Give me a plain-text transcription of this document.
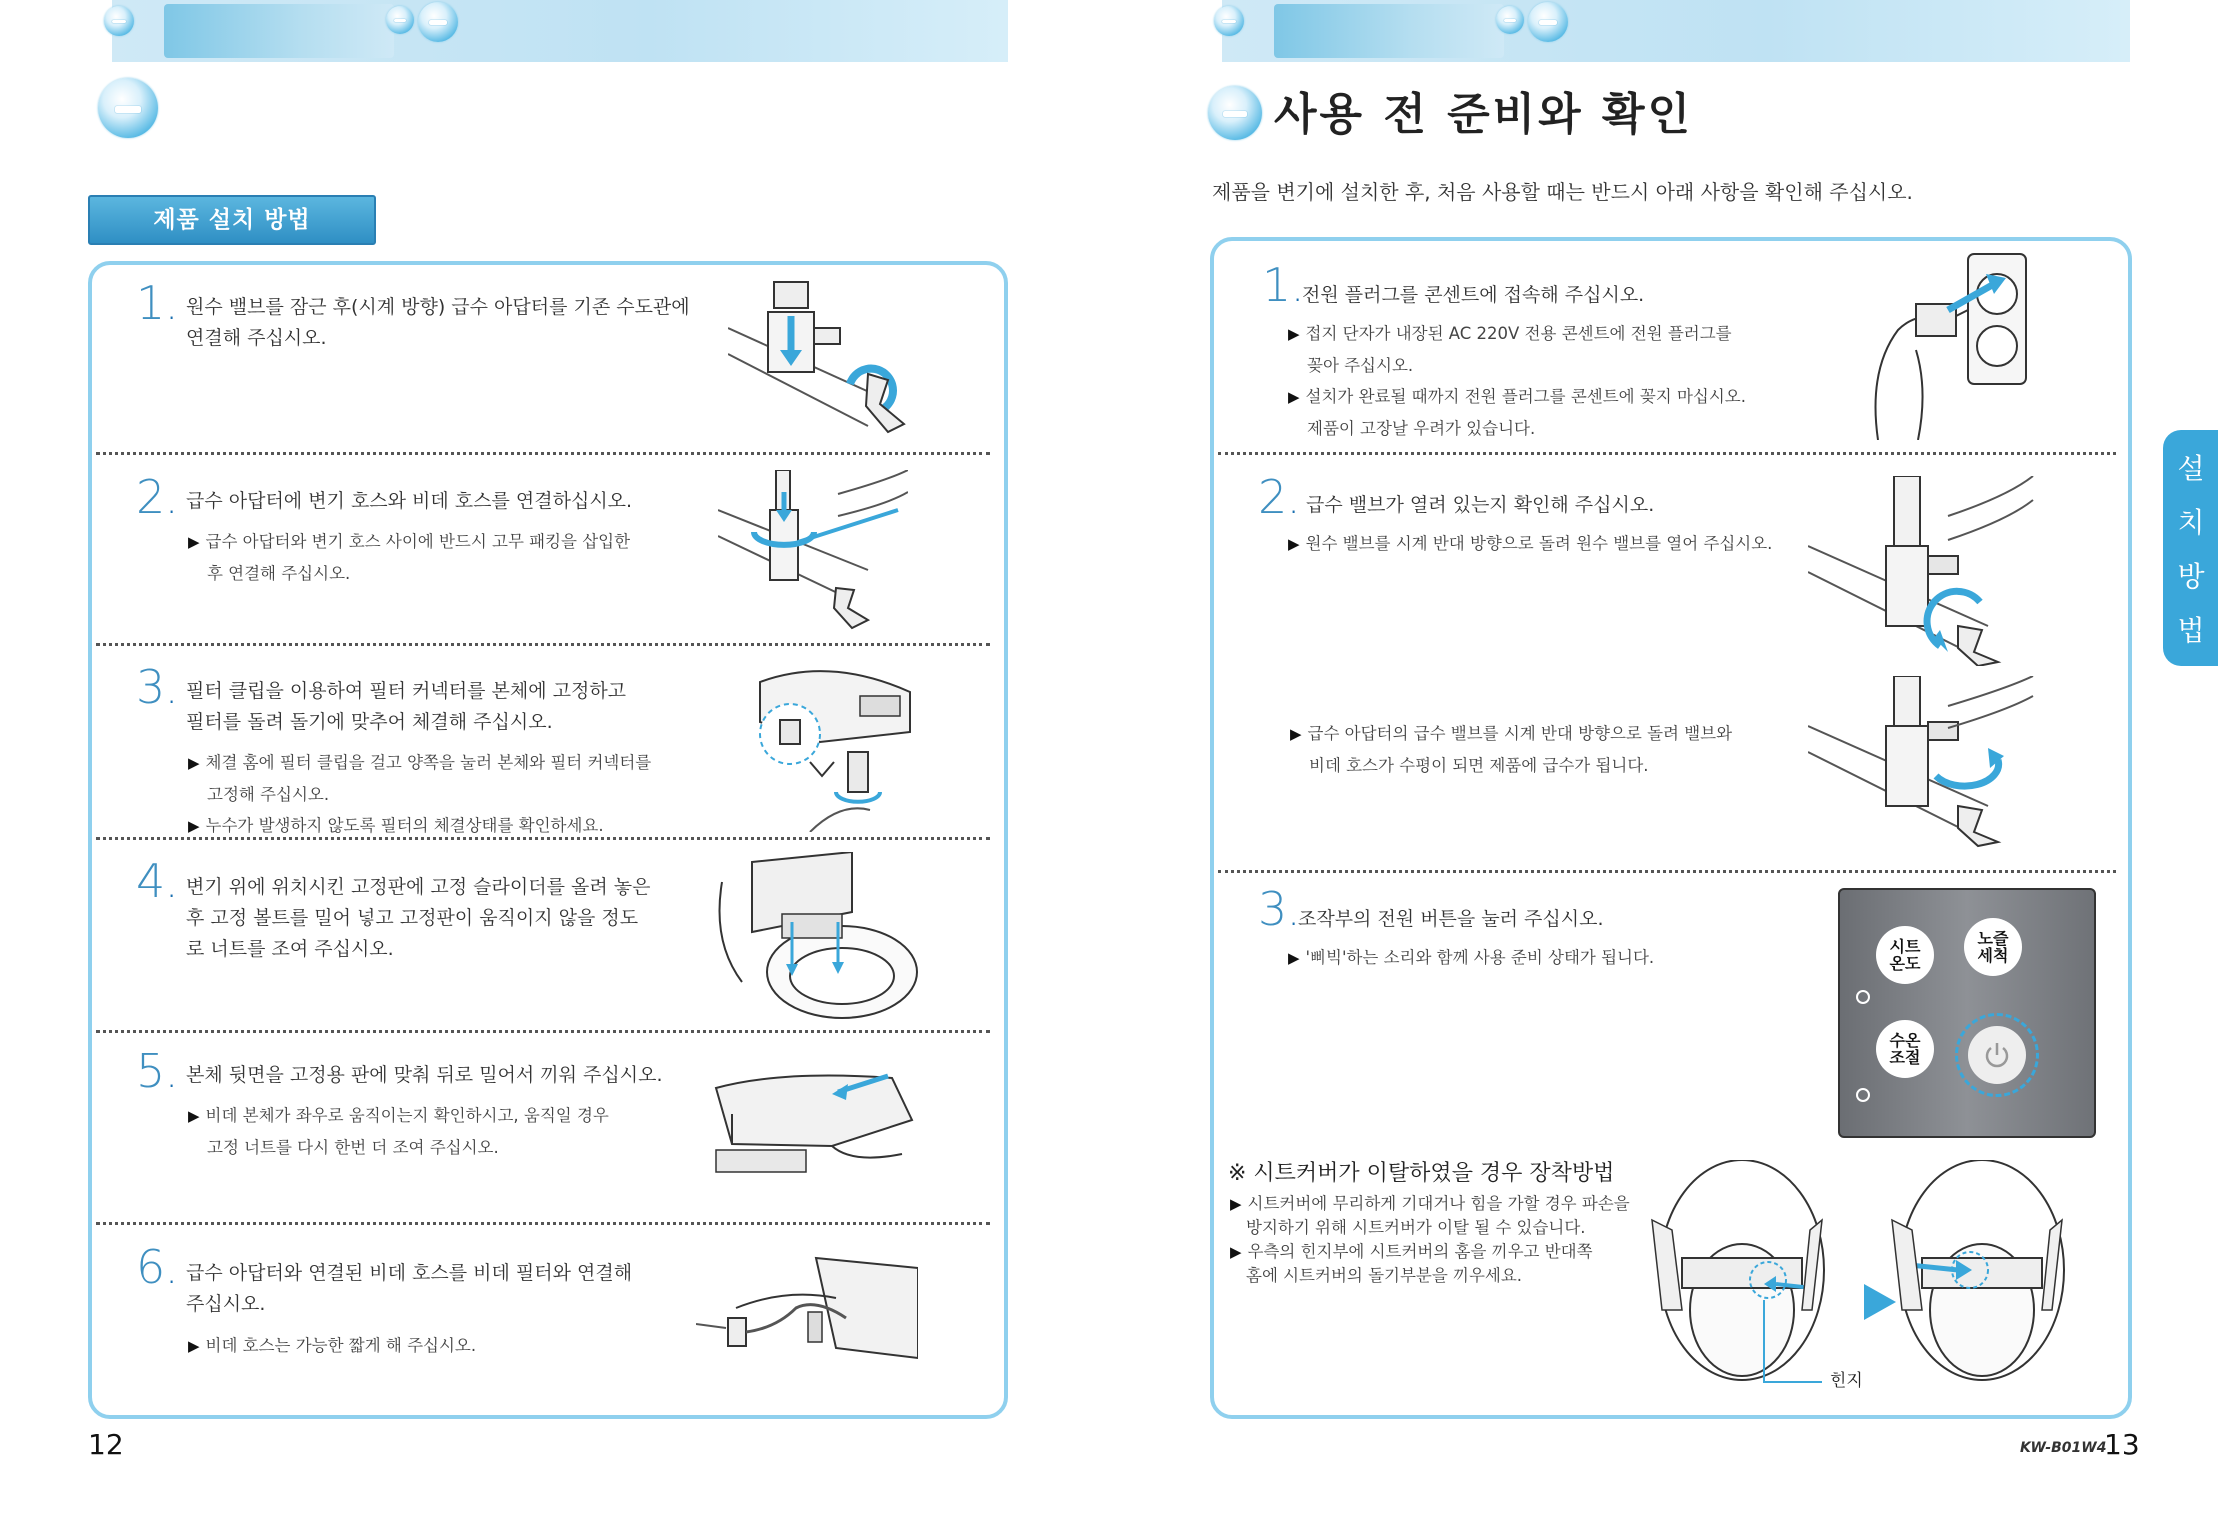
제품 설치 방법
1. 원수 밸브를 잠근 후(시계 방향) 급수 아답터를 기존 수도관에
연결해 주십시오.
2. 급수 아답터에 변기 호스와 비데 호스를 연결하십시오.
▶ 급수 아답터와 변기 호스 사이에 반드시 고무 패킹을 삽입한
후 연결해 주십시오.
3. 필터 클립을 이용하여 필터 커넥터를 본체에 고정하고
필터를 돌려 돌기에 맞추어 체결해 주십시오.
▶ 체결 홈에 필터 클립을 걸고 양쪽을 눌러 본체와 필터 커넥터를
고정해 주십시오.
▶ 누수가 발생하지 않도록 필터의 체결상태를 확인하세요.
4. 변기 위에 위치시킨 고정판에 고정 슬라이더를 올려 놓은
후 고정 볼트를 밀어 넣고 고정판이 움직이지 않을 정도
로 너트를 조여 주십시오.
5. 본체 뒷면을 고정용 판에 맞춰 뒤로 밀어서 끼워 주십시오.
▶ 비데 본체가 좌우로 움직이는지 확인하시고, 움직일 경우
고정 너트를 다시 한번 더 조여 주십시오.
6. 급수 아답터와 연결된 비데 호스를 비데 필터와 연결해
주십시오.
▶ 비데 호스는 가능한 짧게 해 주십시오.
12
사용 전 준비와 확인
제품을 변기에 설치한 후, 처음 사용할 때는 반드시 아래 사항을 확인해 주십시오.
1.
전원 플러그를 콘센트에 접속해 주십시오.
▶ 접지 단자가 내장된 AC 220V 전용 콘센트에 전원 플러그를
꽂아 주십시오.
▶ 설치가 완료될 때까지 전원 플러그를 콘센트에 꽂지 마십시오.
제품이 고장날 우려가 있습니다.
2. 급수 밸브가 열려 있는지 확인해 주십시오.
▶ 원수 밸브를 시계 반대 방향으로 돌려 원수 밸브를 열어 주십시오.
▶ 급수 아답터의 급수 밸브를 시계 반대 방향으로 돌려 밸브와
비데 호스가 수평이 되면 제품에 급수가 됩니다.
3.
조작부의 전원 버튼을 눌러 주십시오.
▶ '삐빅'하는 소리와 함께 사용 준비 상태가 됩니다.
시트
온도
노즐
세척
수온
조절
※ 시트커버가 이탈하였을 경우 장착방법
▶ 시트커버에 무리하게 기대거나 힘을 가할 경우 파손을
방지하기 위해 시트커버가 이탈 될 수 있습니다.
▶ 우측의 힌지부에 시트커버의 홈을 끼우고 반대쪽
홈에 시트커버의 돌기부분을 끼우세요.
힌지
설
치
방
법
KW-B01W4
13
